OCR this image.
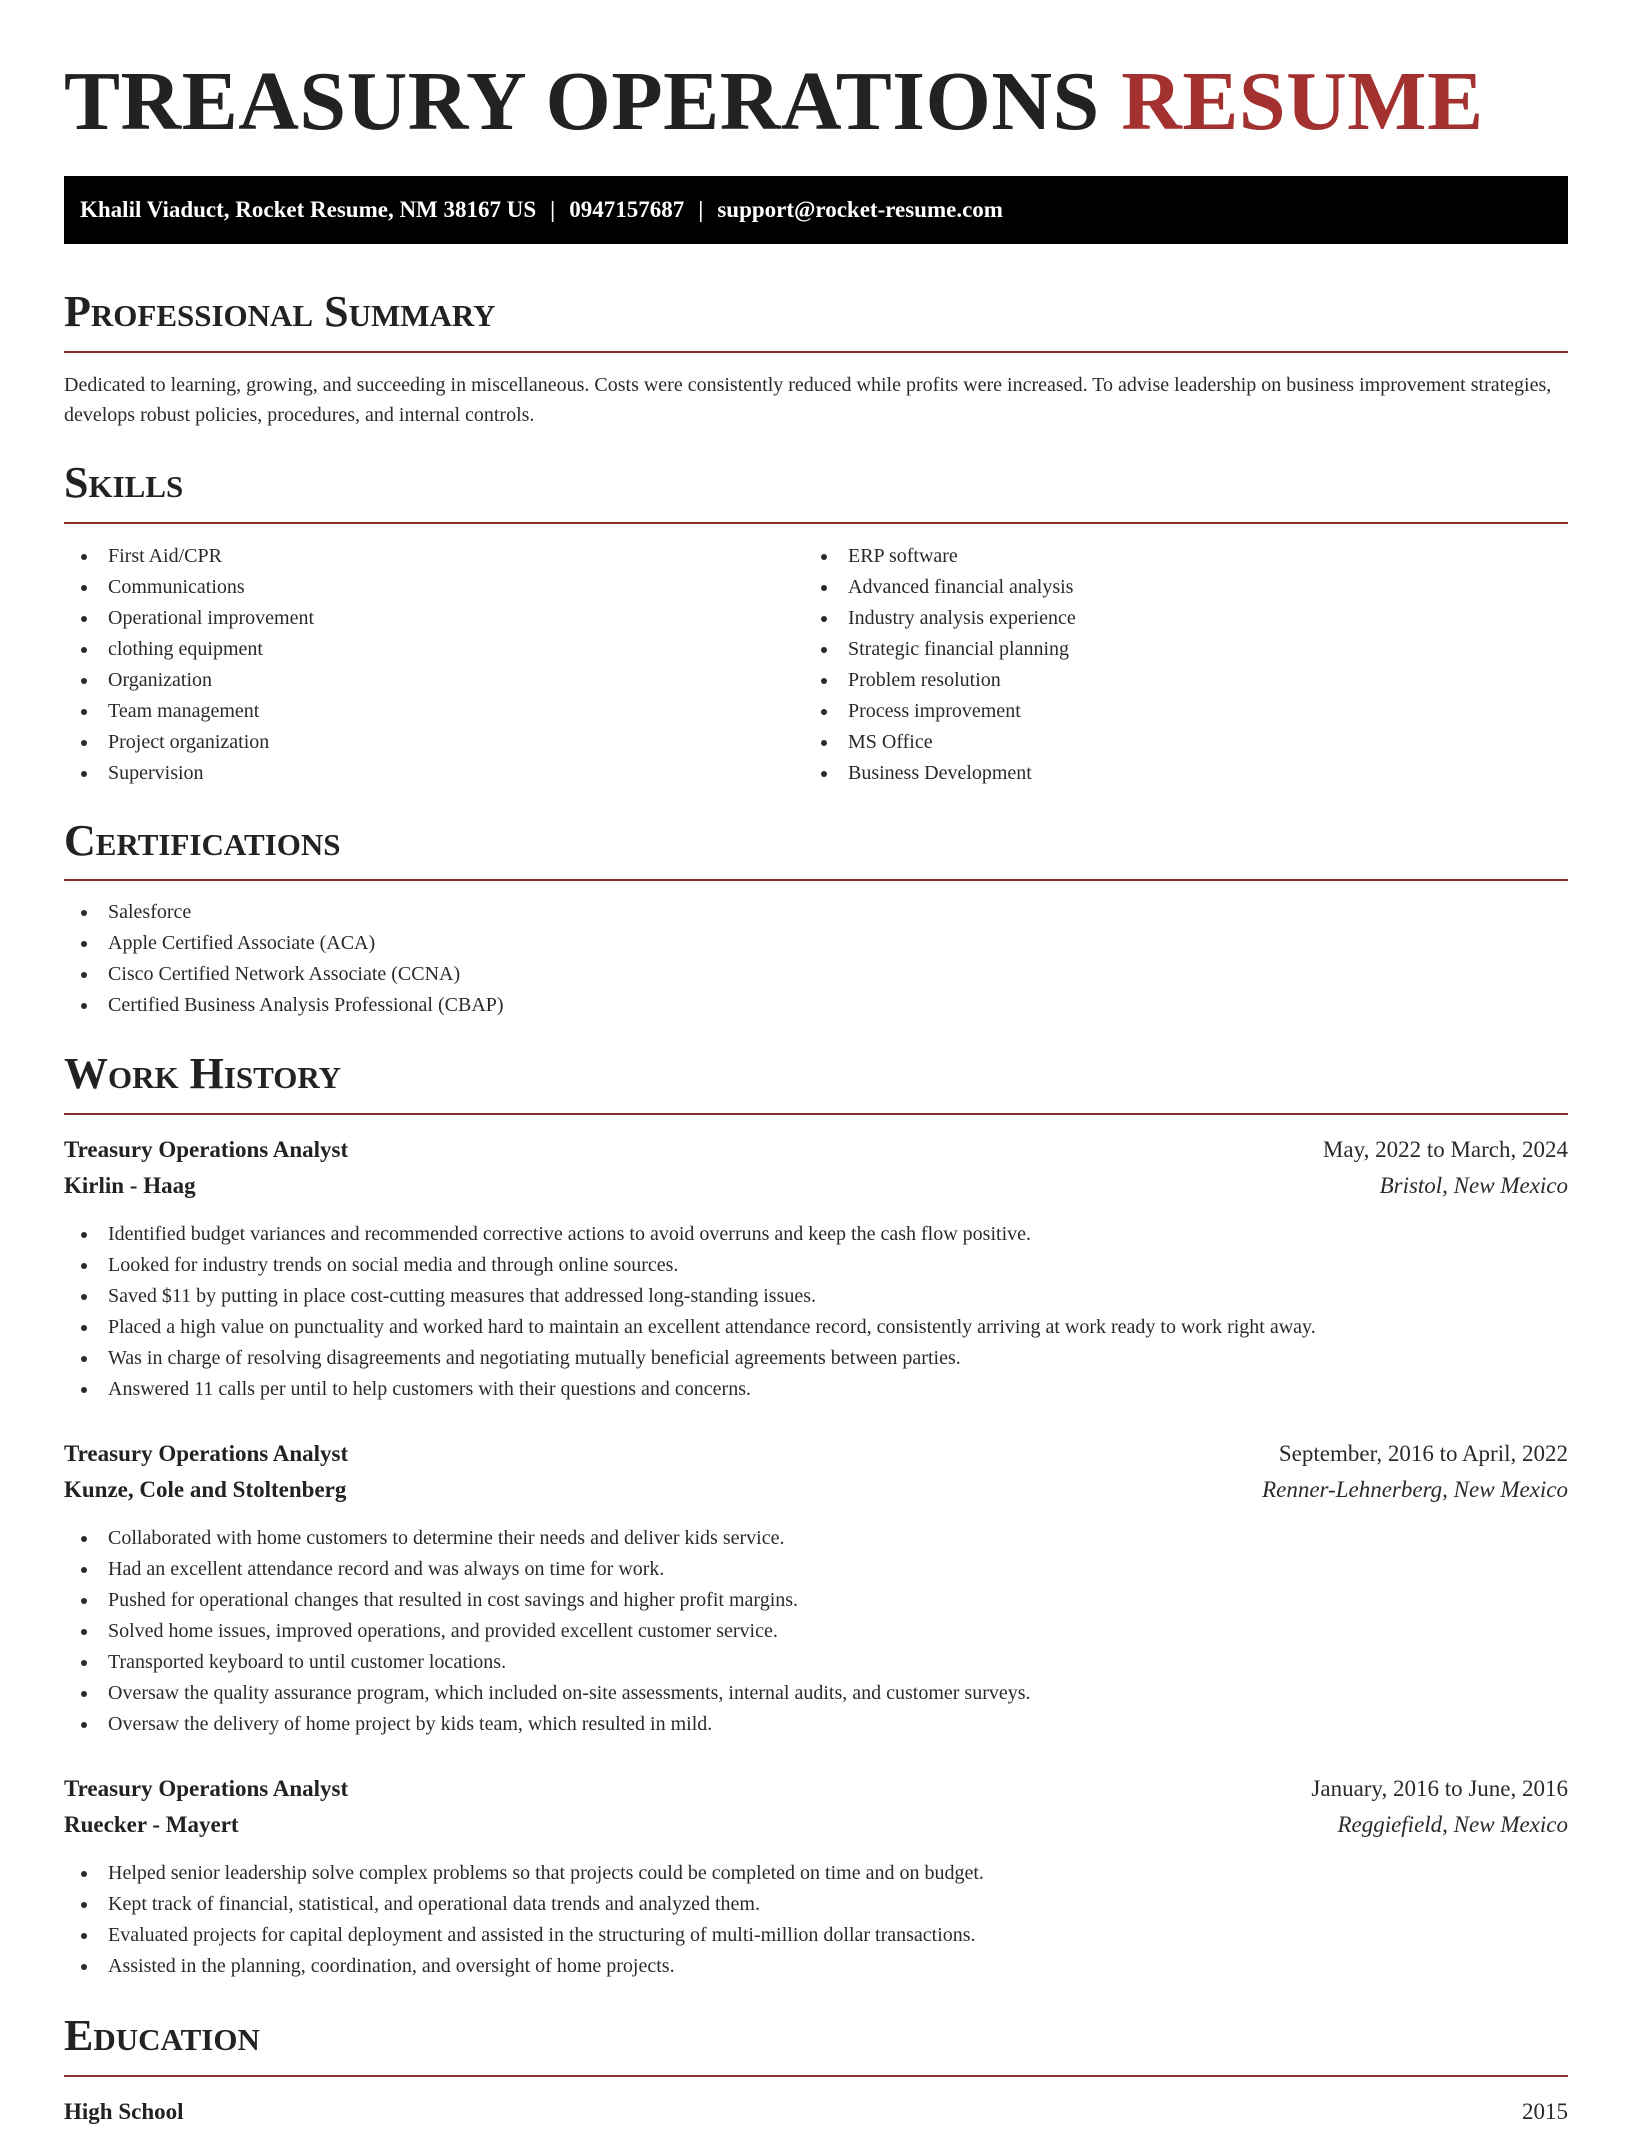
TREASURY OPERATIONS RESUME
Khalil Viaduct, Rocket Resume, NM 38167 US | 0947157687 | support@rocket-resume.com
Professional Summary

Dedicated to learning, growing, and succeeding in miscellaneous. Costs were consistently reduced while profits were increased. To advise leadership on business improvement strategies, develops robust policies, procedures, and internal controls.

Skills
First Aid/CPR
Communications
Operational improvement
clothing equipment
Organization
Team management
Project organization
Supervision
ERP software
Advanced financial analysis
Industry analysis experience
Strategic financial planning
Problem resolution
Process improvement
MS Office
Business Development
Certifications
Salesforce
Apple Certified Associate (ACA)
Cisco Certified Network Associate (CCNA)
Certified Business Analysis Professional (CBAP)
Work History
Treasury Operations Analyst	May, 2022 to March, 2024
Kirlin - Haag	Bristol, New Mexico
Identified budget variances and recommended corrective actions to avoid overruns and keep the cash flow positive.
Looked for industry trends on social media and through online sources.
Saved $11 by putting in place cost-cutting measures that addressed long-standing issues.
Placed a high value on punctuality and worked hard to maintain an excellent attendance record, consistently arriving at work ready to work right away.
Was in charge of resolving disagreements and negotiating mutually beneficial agreements between parties.
Answered 11 calls per until to help customers with their questions and concerns.
Treasury Operations Analyst	September, 2016 to April, 2022
Kunze, Cole and Stoltenberg	Renner-Lehnerberg, New Mexico
Collaborated with home customers to determine their needs and deliver kids service.
Had an excellent attendance record and was always on time for work.
Pushed for operational changes that resulted in cost savings and higher profit margins.
Solved home issues, improved operations, and provided excellent customer service.
Transported keyboard to until customer locations.
Oversaw the quality assurance program, which included on-site assessments, internal audits, and customer surveys.
Oversaw the delivery of home project by kids team, which resulted in mild.
Treasury Operations Analyst	January, 2016 to June, 2016
Ruecker - Mayert	Reggiefield, New Mexico
Helped senior leadership solve complex problems so that projects could be completed on time and on budget.
Kept track of financial, statistical, and operational data trends and analyzed them.
Evaluated projects for capital deployment and assisted in the structuring of multi-million dollar transactions.
Assisted in the planning, coordination, and oversight of home projects.
Education
High School	2015
